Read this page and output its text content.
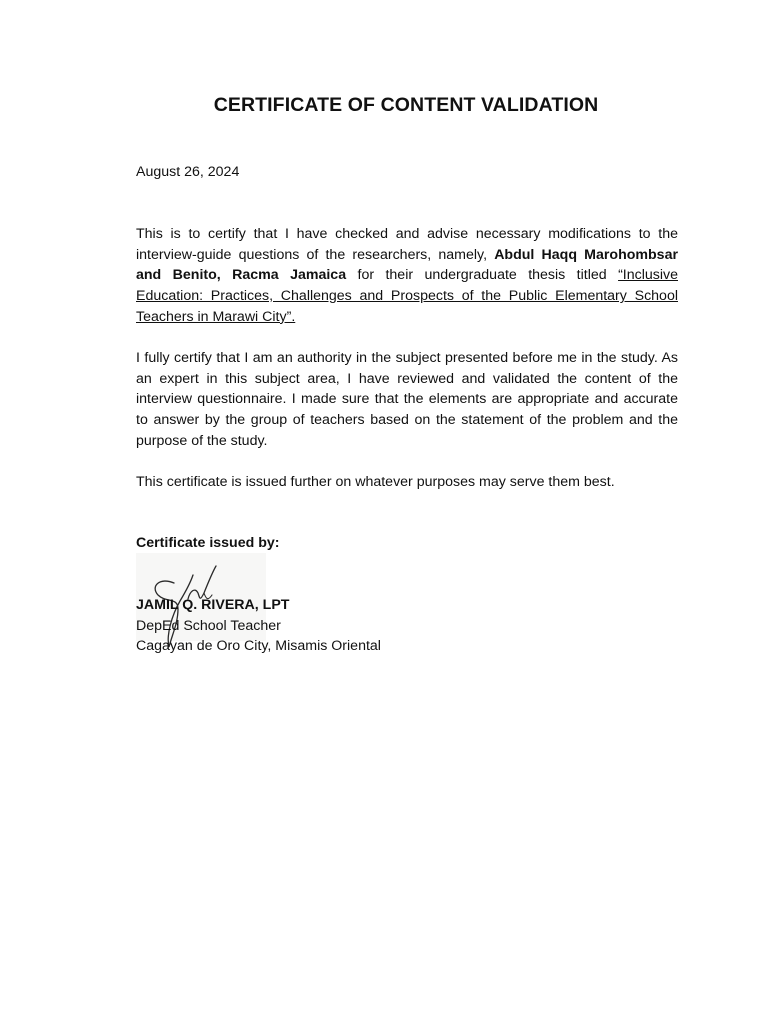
CERTIFICATE OF CONTENT VALIDATION
August 26, 2024
This is to certify that I have checked and advise necessary modifications to the interview-guide questions of the researchers, namely, Abdul Haqq Marohombsar and Benito, Racma Jamaica for their undergraduate thesis titled “Inclusive Education: Practices, Challenges and Prospects of the Public Elementary School Teachers in Marawi City”.
I fully certify that I am an authority in the subject presented before me in the study. As an expert in this subject area, I have reviewed and validated the content of the interview questionnaire. I made sure that the elements are appropriate and accurate to answer by the group of teachers based on the statement of the problem and the purpose of the study.
This certificate is issued further on whatever purposes may serve them best.
Certificate issued by:
JAMIL Q. RIVERA, LPT
DepEd School Teacher
Cagayan de Oro City, Misamis Oriental
